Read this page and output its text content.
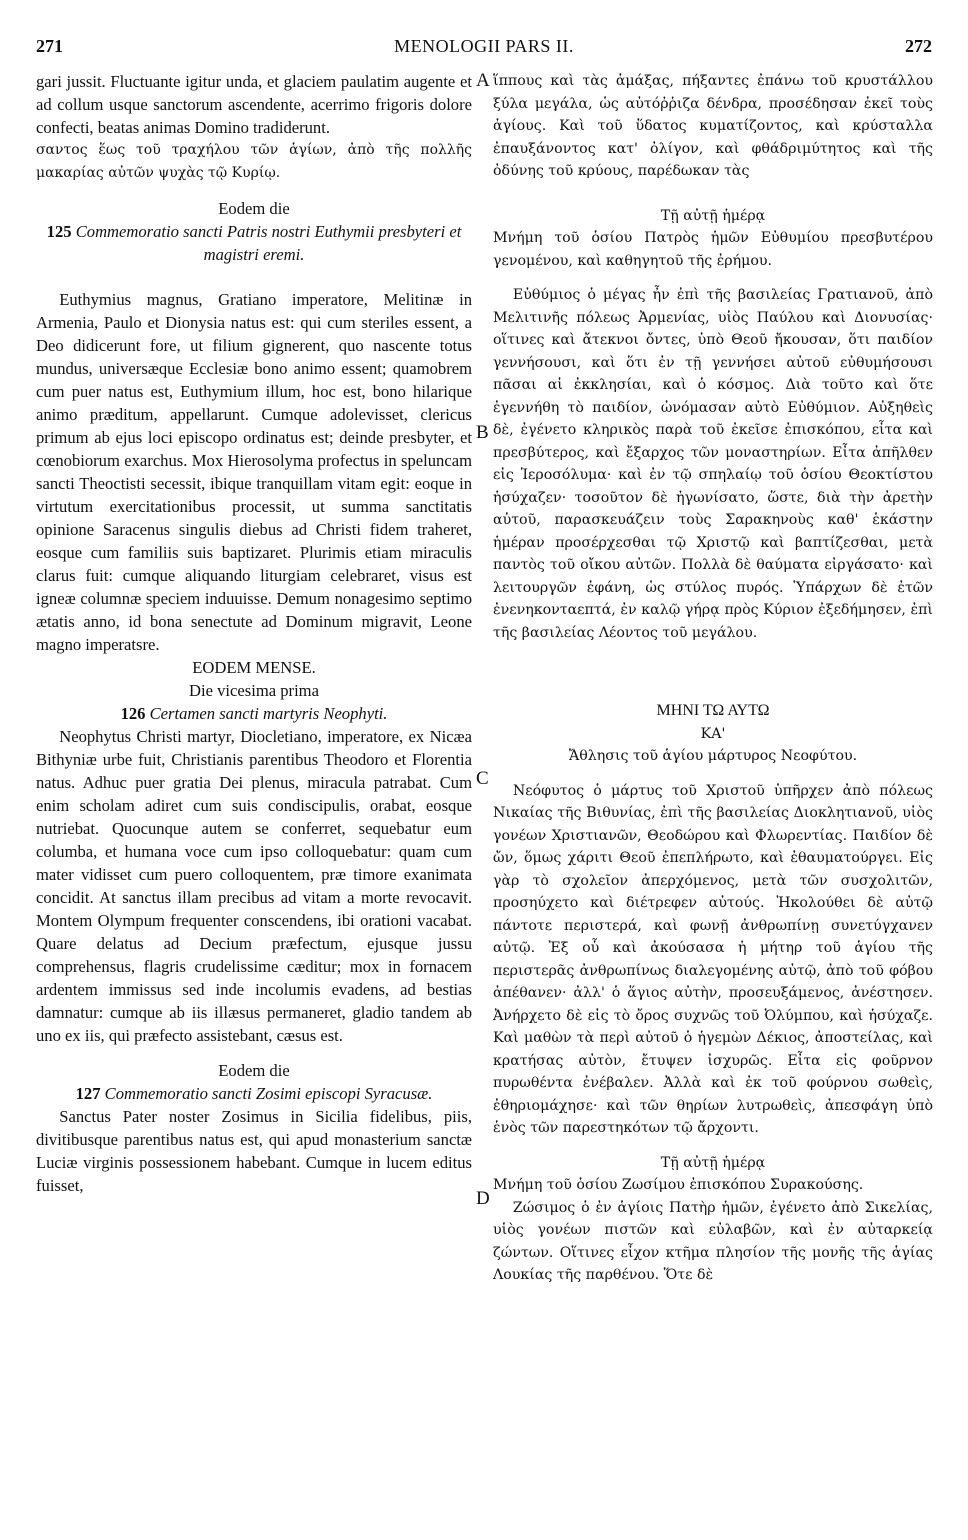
271	MENOLOGII PARS II.	272
A
B
C
D

gari jussit. Fluctuante igitur unda, et glaciem paulatim augente et ad collum usque sanctorum ascendente, acerrimo frigoris dolore confecti, beatas animas Domino tradiderunt.

σαντος ἕως τοῦ τραχήλου τῶν ἁγίων, ἀπὸ τῆς πολλῆς μακαρίας αὐτῶν ψυχὰς τῷ Κυρίῳ.

Eodem die

125 Commemoratio sancti Patris nostri Euthymii presbyteri et magistri eremi.

Euthymius magnus, Gratiano imperatore, Melitinæ in Armenia, Paulo et Dionysia natus est: qui cum steriles essent, a Deo didicerunt fore, ut filium gignerent, quo nascente totus mundus, universæque Ecclesiæ bono animo essent; quamobrem cum puer natus est, Euthymium illum, hoc est, bono hilarique animo præditum, appellarunt. Cumque adolevisset, clericus primum ab ejus loci episcopo ordinatus est; deinde presbyter, et cœnobiorum exarchus. Mox Hierosolyma profectus in speluncam sancti Theoctisti secessit, ibique tranquillam vitam egit: eoque in virtutum exercitationibus processit, ut summa sanctitatis opinione Saracenus singulis diebus ad Christi fidem traheret, eosque cum familiis suis baptizaret. Plurimis etiam miraculis clarus fuit: cumque aliquando liturgiam celebraret, visus est igneæ columnæ speciem induuisse. Demum nonagesimo septimo ætatis anno, id bona senectute ad Dominum migravit, Leone magno imperatsre.

EODEM MENSE.

Die vicesima prima

126 Certamen sancti martyris Neophyti.

Neophytus Christi martyr, Diocletiano, imperatore, ex Nicæa Bithyniæ urbe fuit, Christianis parentibus Theodoro et Florentia natus. Adhuc puer gratia Dei plenus, miracula patrabat. Cum enim scholam adiret cum suis condiscipulis, orabat, eosque nutriebat. Quocunque autem se conferret, sequebatur eum columba, et humana voce cum ipso colloquebatur: quam cum mater vidisset cum puero colloquentem, præ timore exanimata concidit. At sanctus illam precibus ad vitam a morte revocavit. Montem Olympum frequenter conscendens, ibi orationi vacabat. Quare delatus ad Decium præfectum, ejusque jussu comprehensus, flagris crudelissime cæditur; mox in fornacem ardentem immissus sed inde incolumis evadens, ad bestias damnatur: cumque ab iis illæsus permaneret, gladio tandem ab uno ex iis, qui præfecto assistebant, cæsus est.

Eodem die

127 Commemoratio sancti Zosimi episcopi Syracusæ.

Sanctus Pater noster Zosimus in Sicilia fidelibus, piis, divitibusque parentibus natus est, qui apud monasterium sanctæ Luciæ virginis possessionem habebant. Cumque in lucem editus fuisset,

ἵππους καὶ τὰς ἁμάξας, πήξαντες ἐπάνω τοῦ κρυστάλλου ξύλα μεγάλα, ὡς αὐτόῤῥιζα δένδρα, προσέδησαν ἐκεῖ τοὺς ἁγίους. Καὶ τοῦ ὕδατος κυματίζοντος, καὶ κρύσταλλα ἐπαυξάνοντος κατ' ὀλίγον, καὶ φθάδριμύτητος καὶ τῆς ὀδύνης τοῦ κρύους, παρέδωκαν τὰς

Τῇ αὐτῇ ἡμέρᾳ

Μνήμη τοῦ ὁσίου Πατρὸς ἡμῶν Εὐθυμίου πρεσβυτέρου γενομένου, καὶ καθηγητοῦ τῆς ἐρήμου.

Εὐθύμιος ὁ μέγας ἦν ἐπὶ τῆς βασιλείας Γρατιανοῦ, ἀπὸ Μελιτινῆς πόλεως Ἀρμενίας, υἱὸς Παύλου καὶ Διονυσίας· οἵτινες καὶ ἄτεκνοι ὄντες, ὑπὸ Θεοῦ ἤκουσαν, ὅτι παιδίον γεννήσουσι, καὶ ὅτι ἐν τῇ γεννήσει αὐτοῦ εὐθυμήσουσι πᾶσαι αἱ ἐκκλησίαι, καὶ ὁ κόσμος. Διὰ τοῦτο καὶ ὅτε ἐγεννήθη τὸ παιδίον, ὠνόμασαν αὐτὸ Εὐθύμιον. Αὐξηθεὶς δὲ, ἐγένετο κληρικὸς παρὰ τοῦ ἐκεῖσε ἐπισκόπου, εἶτα καὶ πρεσβύτερος, καὶ ἔξαρχος τῶν μοναστηρίων. Εἶτα ἀπῆλθεν εἰς Ἱεροσόλυμα· καὶ ἐν τῷ σπηλαίῳ τοῦ ὁσίου Θεοκτίστου ἡσύχαζεν· τοσοῦτον δὲ ἠγωνίσατο, ὥστε, διὰ τὴν ἀρετὴν αὐτοῦ, παρασκευάζειν τοὺς Σαρακηνοὺς καθ' ἑκάστην ἡμέραν προσέρχεσθαι τῷ Χριστῷ καὶ βαπτίζεσθαι, μετὰ παντὸς τοῦ οἴκου αὐτῶν. Πολλὰ δὲ θαύματα εἰργάσατο· καὶ λειτουργῶν ἐφάνη, ὡς στύλος πυρός. Ὑπάρχων δὲ ἐτῶν ἐνενηκονταεπτά, ἐν καλῷ γήρᾳ πρὸς Κύριον ἐξεδήμησεν, ἐπὶ τῆς βασιλείας Λέοντος τοῦ μεγάλου.

ΜΗΝΙ ΤΩ ΑΥΤΩ

ΚΑ'

Ἄθλησις τοῦ ἁγίου μάρτυρος Νεοφύτου.

Νεόφυτος ὁ μάρτυς τοῦ Χριστοῦ ὑπῆρχεν ἀπὸ πόλεως Νικαίας τῆς Βιθυνίας, ἐπὶ τῆς βασιλείας Διοκλητιανοῦ, υἱὸς γονέων Χριστιανῶν, Θεοδώρου καὶ Φλωρεντίας. Παιδίον δὲ ὤν, ὅμως χάριτι Θεοῦ ἐπεπλήρωτο, καὶ ἐθαυματούργει. Εἰς γὰρ τὸ σχολεῖον ἀπερχόμενος, μετὰ τῶν συσχολιτῶν, προσηύχετο καὶ διέτρεφεν αὐτούς. Ἠκολούθει δὲ αὐτῷ πάντοτε περιστερά, καὶ φωνῇ ἀνθρωπίνῃ συνετύγχανεν αὐτῷ. Ἐξ οὗ καὶ ἀκούσασα ἡ μήτηρ τοῦ ἁγίου τῆς περιστερᾶς ἀνθρωπίνως διαλεγομένης αὐτῷ, ἀπὸ τοῦ φόβου ἀπέθανεν· ἀλλ' ὁ ἅγιος αὐτὴν, προσευξάμενος, ἀνέστησεν. Ἀνήρχετο δὲ εἰς τὸ ὄρος συχνῶς τοῦ Ὀλύμπου, καὶ ἡσύχαζε. Καὶ μαθὼν τὰ περὶ αὐτοῦ ὁ ἡγεμὼν Δέκιος, ἀποστείλας, καὶ κρατήσας αὐτὸν, ἔτυψεν ἰσχυρῶς. Εἶτα εἰς φοῦρνον πυρωθέντα ἐνέβαλεν. Ἀλλὰ καὶ ἐκ τοῦ φούρνου σωθεὶς, ἐθηριομάχησε· καὶ τῶν θηρίων λυτρωθεὶς, ἀπεσφάγη ὑπὸ ἑνὸς τῶν παρεστηκότων τῷ ἄρχοντι.

Τῇ αὐτῇ ἡμέρᾳ

Μνήμη τοῦ ὁσίου Ζωσίμου ἐπισκόπου Συρακούσης.

Ζώσιμος ὁ ἐν ἁγίοις Πατὴρ ἡμῶν, ἐγένετο ἀπὸ Σικελίας, υἱὸς γονέων πιστῶν καὶ εὐλαβῶν, καὶ ἐν αὐταρκείᾳ ζώντων. Οἵτινες εἶχον κτῆμα πλησίον τῆς μονῆς τῆς ἁγίας Λουκίας τῆς παρθένου. Ὅτε δὲ
